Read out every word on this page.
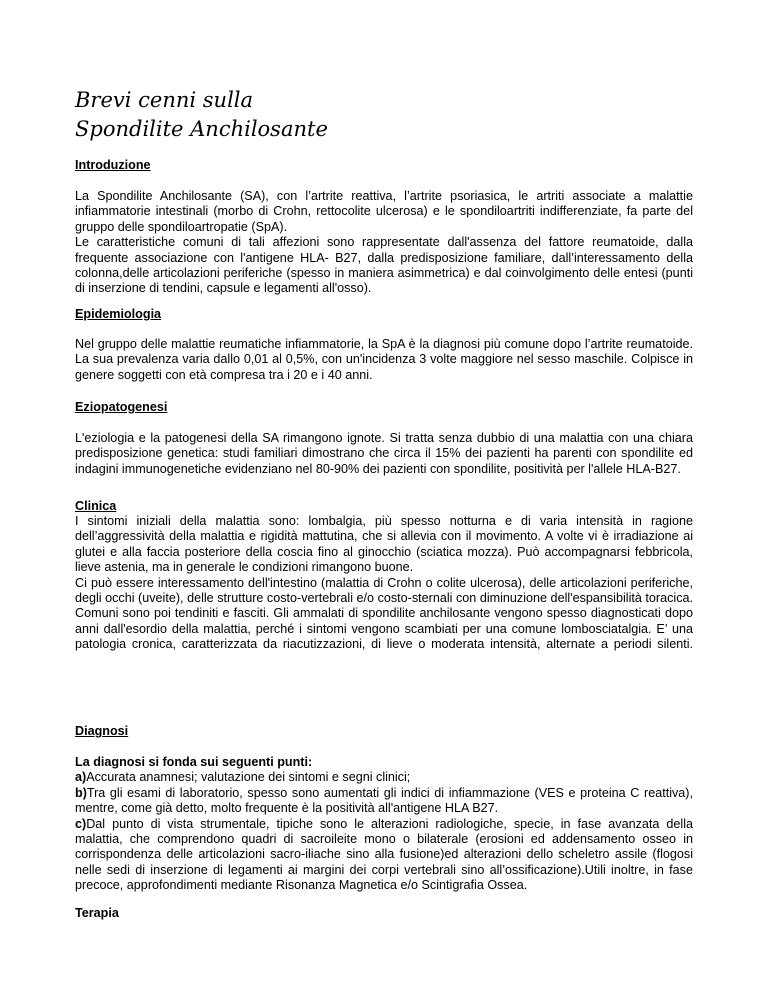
Brevi cenni sulla
Spondilite Anchilosante
Introduzione

La Spondilite Anchilosante (SA), con l’artrite reattiva, l’artrite psoriasica, le artriti associate a malattie infiammatorie intestinali (morbo di Crohn, rettocolite ulcerosa) e le spondiloartriti indifferenziate, fa parte del gruppo delle spondiloartropatie (SpA).

Le caratteristiche comuni di tali affezioni sono rappresentate dall'assenza del fattore reumatoide, dalla frequente associazione con l'antigene HLA- B27, dalla predisposizione familiare, dall’interessamento della colonna,delle articolazioni periferiche (spesso in maniera asimmetrica) e dal coinvolgimento delle entesi (punti di inserzione di tendini, capsule e legamenti all'osso).

Epidemiologia

Nel gruppo delle malattie reumatiche infiammatorie, la SpA è la diagnosi più comune dopo l’artrite reumatoide. La sua prevalenza varia dallo 0,01 al 0,5%, con un'incidenza 3 volte maggiore nel sesso maschile. Colpisce in genere soggetti con età compresa tra i 20 e i 40 anni.

Eziopatogenesi

L'eziologia e la patogenesi della SA rimangono ignote. Si tratta senza dubbio di una malattia con una chiara predisposizione genetica: studi familiari dimostrano che circa il 15% dei pazienti ha parenti con spondilite ed indagini immunogenetiche evidenziano nel 80-90% dei pazienti con spondilite, positività per l'allele HLA-B27.

Clinica

I sintomi iniziali della malattia sono: lombalgia, più spesso notturna e di varia intensità in ragione dell’aggressività della malattia e rigidità mattutina, che si allevia con il movimento. A volte vi è irradiazione ai glutei e alla faccia posteriore della coscia fino al ginocchio (sciatica mozza). Può accompagnarsi febbricola, lieve astenia, ma in generale le condizioni rimangono buone.

Ci può essere interessamento dell'intestino (malattia di Crohn o colite ulcerosa), delle articolazioni periferiche, degli occhi (uveite), delle strutture costo-vertebrali e/o costo-sternali con diminuzione dell'espansibilità toracica. Comuni sono poi tendiniti e fasciti. Gli ammalati di spondilite anchilosante vengono spesso diagnosticati dopo anni dall'esordio della malattia, perché i sintomi vengono scambiati per una comune lombosciatalgia. E’ una patologia cronica, caratterizzata da riacutizzazioni, di lieve o moderata intensità, alternate a periodi silenti.

Diagnosi

La diagnosi si fonda sui seguenti punti:

a)Accurata anamnesi; valutazione dei sintomi e segni clinici;

b)Tra gli esami di laboratorio, spesso sono aumentati gli indici di infiammazione (VES e proteina C reattiva), mentre, come già detto, molto frequente è la positività all'antigene HLA B27.

c)Dal punto di vista strumentale, tipiche sono le alterazioni radiologiche, specie, in fase avanzata della malattia, che comprendono quadri di sacroileite mono o bilaterale (erosioni ed addensamento osseo in corrispondenza delle articolazioni sacro-iliache sino alla fusione)ed alterazioni dello scheletro assile (flogosi nelle sedi di inserzione di legamenti ai margini dei corpi vertebrali sino all’ossificazione).Utili inoltre, in fase precoce, approfondimenti mediante Risonanza Magnetica e/o Scintigrafia Ossea.

Terapia
